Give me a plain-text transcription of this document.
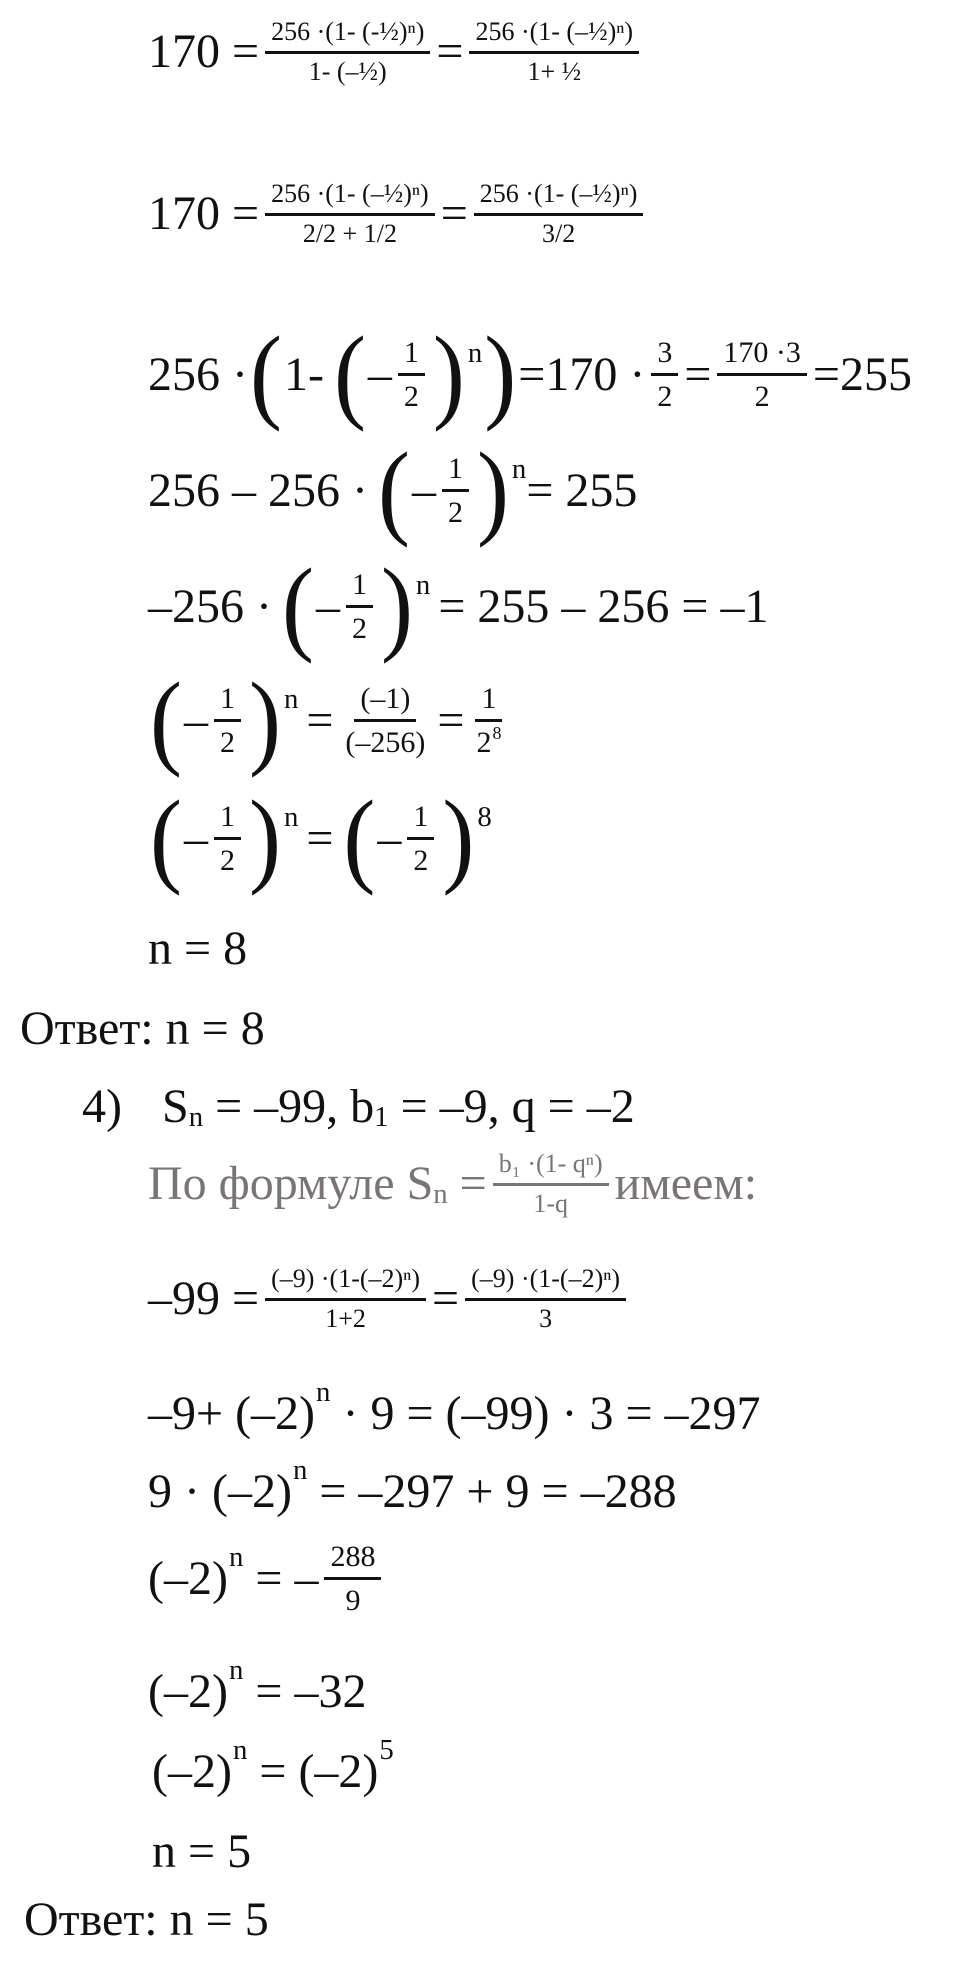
$170 = \frac{\text{256 ·(1- (-½)ⁿ)}}{\text{1- (–½)}} = \frac{\text{256 ·(1- (–½)ⁿ)}}{\text{1+ ½}}$
$170 = \frac{\text{256 ·(1- (–½)ⁿ)}}{2/2 + 1/2} = \frac{\text{256 ·(1- (–½)ⁿ)}}{3/2}$
256 · ( 1- ( – $\frac{1}{2}$ ) n ) $=170 \cdot \frac{3}{2} = \frac{170 \cdot 3}{2} =255$
256 – 256 · ( – $\frac{1}{2}$ ) n = 255
–256 · ( – $\frac{1}{2}$ ) n = 255 – 256 = –1
( – $\frac{1}{2}$ ) $n = \frac{(-1)}{(-256)} = \frac{1}{2^8}$
( – $\frac{1}{2}$ ) n = ( – $\frac{1}{2}$ ) 8
n = 8
Ответ: n = 8
4) S n = –99, b 1 = –9, q = –2
По формуле S $n = \frac{\text{b₁ ·(1- qⁿ)}}{1-q}$ имеем:
$-99 = \frac{\text{(–9) ·(1-(–2)ⁿ)}}{1+2} = \frac{\text{(–9) ·(1-(–2)ⁿ)}}{3}$
–9+ (–2) n · 9 = (–99) · 3 = –297
9 · (–2) n = –297 + 9 = –288
(–2) n = – $\frac{288}{9}$
(–2) n = –32
(–2) n = (–2) 5
n = 5
Ответ: n = 5
